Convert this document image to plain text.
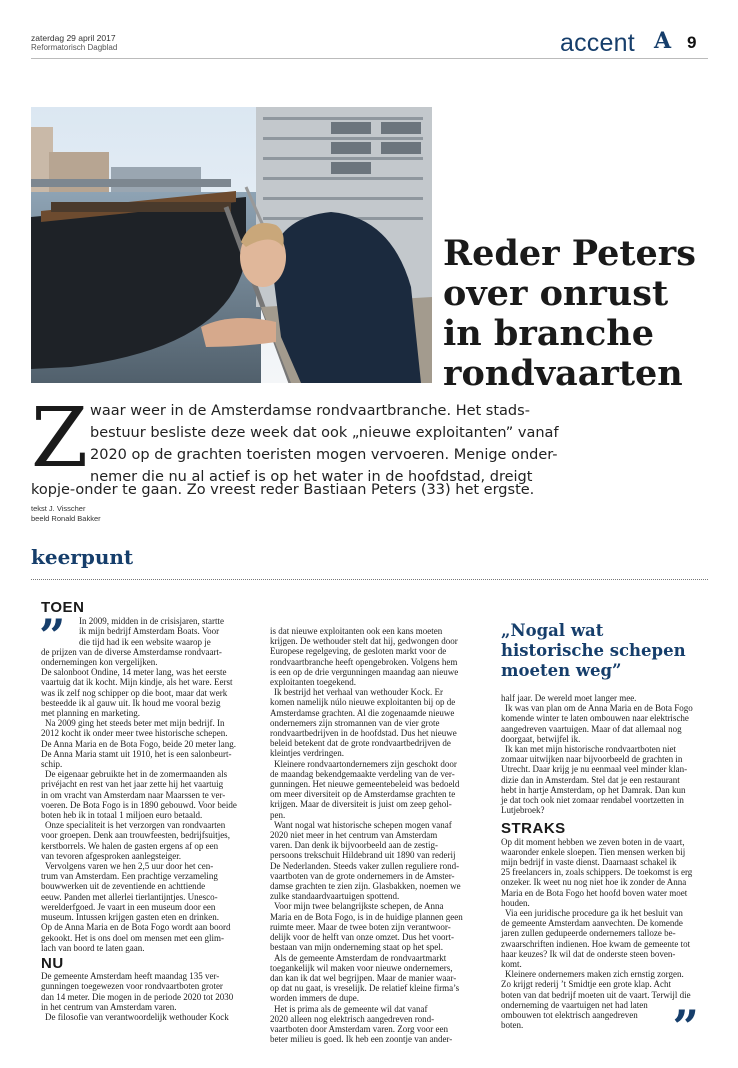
zaterdag 29 april 2017
Reformatorisch Dagblad	accent A 9
Reder Peters
over onrust
in branche
rondvaarten
Z waar weer in de Amsterdamse rondvaartbranche. Het stads-
bestuur besliste deze week dat ook „nieuwe exploitanten” vanaf
2020 op de grachten toeristen mogen vervoeren. Menige onder-
nemer die nu al actief is op het water in de hoofdstad, dreigt
kopje-onder te gaan. Zo vreest reder Bastiaan Peters (33) het ergste.
tekst J. Visscher
beeld Ronald Bakker
keerpunt
TOEN
” In 2009, midden in de crisisjaren, startte
ik mijn bedrijf Amsterdam Boats. Voor
die tijd had ik een website waarop je
de prijzen van de diverse Amsterdamse rondvaart-
ondernemingen kon vergelijken.
De salonboot Ondine, 14 meter lang, was het eerste
vaartuig dat ik kocht. Mijn kindje, als het ware. Eerst
was ik zelf nog schipper op die boot, maar dat werk
besteedde ik al gauw uit. Ik houd me vooral bezig
met planning en marketing.
Na 2009 ging het steeds beter met mijn bedrijf. In
2012 kocht ik onder meer twee historische schepen.
De Anna Maria en de Bota Fogo, beide 20 meter lang.
De Anna Maria stamt uit 1910, het is een salonbeurt-
schip.
De eigenaar gebruikte het in de zomermaanden als
privéjacht en rest van het jaar zette hij het vaartuig
in om vracht van Amsterdam naar Maarssen te ver-
voeren. De Bota Fogo is in 1890 gebouwd. Voor beide
boten heb ik in totaal 1 miljoen euro betaald.
Onze specialiteit is het verzorgen van rondvaarten
voor groepen. Denk aan trouwfeesten, bedrijfsuitjes,
kerstborrels. We halen de gasten ergens af op een
van tevoren afgesproken aanlegsteiger.
Vervolgens varen we hen 2,5 uur door het cen-
trum van Amsterdam. Een prachtige verzameling
bouwwerken uit de zeventiende en achttiende
eeuw. Panden met allerlei tierlantijntjes. Unesco-
werelderfgoed. Je vaart in een museum door een
museum. Intussen krijgen gasten eten en drinken.
Op de Anna Maria en de Bota Fogo wordt aan boord
gekookt. Het is ons doel om mensen met een glim-
lach van boord te laten gaan.
NU
De gemeente Amsterdam heeft maandag 135 ver-
gunningen toegewezen voor rondvaartboten groter
dan 14 meter. Die mogen in de periode 2020 tot 2030
in het centrum van Amsterdam varen.
De filosofie van verantwoordelijk wethouder Kock
is dat nieuwe exploitanten ook een kans moeten
krijgen. De wethouder stelt dat hij, gedwongen door
Europese regelgeving, de gesloten markt voor de
rondvaartbranche heeft opengebroken. Volgens hem
is een op de drie vergunningen maandag aan nieuwe
exploitanten toegekend.
Ik bestrijd het verhaal van wethouder Kock. Er
komen namelijk núlo nieuwe exploitanten bij op de
Amsterdamse grachten. Al die zogenaamde nieuwe
ondernemers zijn stromannen van de vier grote
rondvaartbedrijven in de hoofdstad. Dus het nieuwe
beleid betekent dat de grote rondvaartbedrijven de
kleintjes verdringen.
Kleinere rondvaartondernemers zijn geschokt door
de maandag bekendgemaakte verdeling van de ver-
gunningen. Het nieuwe gemeentebeleid was bedoeld
om meer diversiteit op de Amsterdamse grachten te
krijgen. Maar de diversiteit is juist om zeep gehol-
pen.
Want nogal wat historische schepen mogen vanaf
2020 niet meer in het centrum van Amsterdam
varen. Dan denk ik bijvoorbeeld aan de zestig-
persoons trekschuit Hildebrand uit 1890 van rederij
De Nederlanden. Steeds vaker zullen reguliere rond-
vaartboten van de grote ondernemers in de Amster-
damse grachten te zien zijn. Glasbakken, noemen we
zulke standaardvaartuigen spottend.
Voor mijn twee belangrijkste schepen, de Anna
Maria en de Bota Fogo, is in de huidige plannen geen
ruimte meer. Maar de twee boten zijn verantwoor-
delijk voor de helft van onze omzet. Dus het voort-
bestaan van mijn onderneming staat op het spel.
Als de gemeente Amsterdam de rondvaartmarkt
toegankelijk wil maken voor nieuwe ondernemers,
dan kan ik dat wel begrijpen. Maar de manier waar-
op dat nu gaat, is vreselijk. De relatief kleine firma’s
worden immers de dupe.
Het is prima als de gemeente wil dat vanaf
2020 alleen nog elektrisch aangedreven rond-
vaartboten door Amsterdam varen. Zorg voor een
beter milieu is goed. Ik heb een zoontje van ander-
„Nogal wat
historische schepen
moeten weg”
half jaar. De wereld moet langer mee.
Ik was van plan om de Anna Maria en de Bota Fogo
komende winter te laten ombouwen naar elektrische
aangedreven vaartuigen. Maar of dat allemaal nog
doorgaat, betwijfel ik.
Ik kan met mijn historische rondvaartboten niet
zomaar uitwijken naar bijvoorbeeld de grachten in
Utrecht. Daar krijg je nu eenmaal veel minder klan-
dizie dan in Amsterdam. Stel dat je een restaurant
hebt in hartje Amsterdam, op het Damrak. Dan kun
je dat toch ook niet zomaar rendabel voortzetten in
Lutjebroek?
STRAKS
Op dit moment hebben we zeven boten in de vaart,
waaronder enkele sloepen. Tien mensen werken bij
mijn bedrijf in vaste dienst. Daarnaast schakel ik
25 freelancers in, zoals schippers. De toekomst is erg
onzeker. Ik weet nu nog niet hoe ik zonder de Anna
Maria en de Bota Fogo het hoofd boven water moet
houden.
Via een juridische procedure ga ik het besluit van
de gemeente Amsterdam aanvechten. De komende
jaren zullen gedupeerde ondernemers talloze be-
zwaarschriften indienen. Hoe kwam de gemeente tot
haar keuzes? Ik wil dat de onderste steen boven-
komt.
Kleinere ondernemers maken zich ernstig zorgen.
Zo krijgt rederij ’t Smidtje een grote klap. Acht
boten van dat bedrijf moeten uit de vaart. Terwijl die
onderneming de vaartuigen net had laten
ombouwen tot elektrisch aangedreven
boten.	”
